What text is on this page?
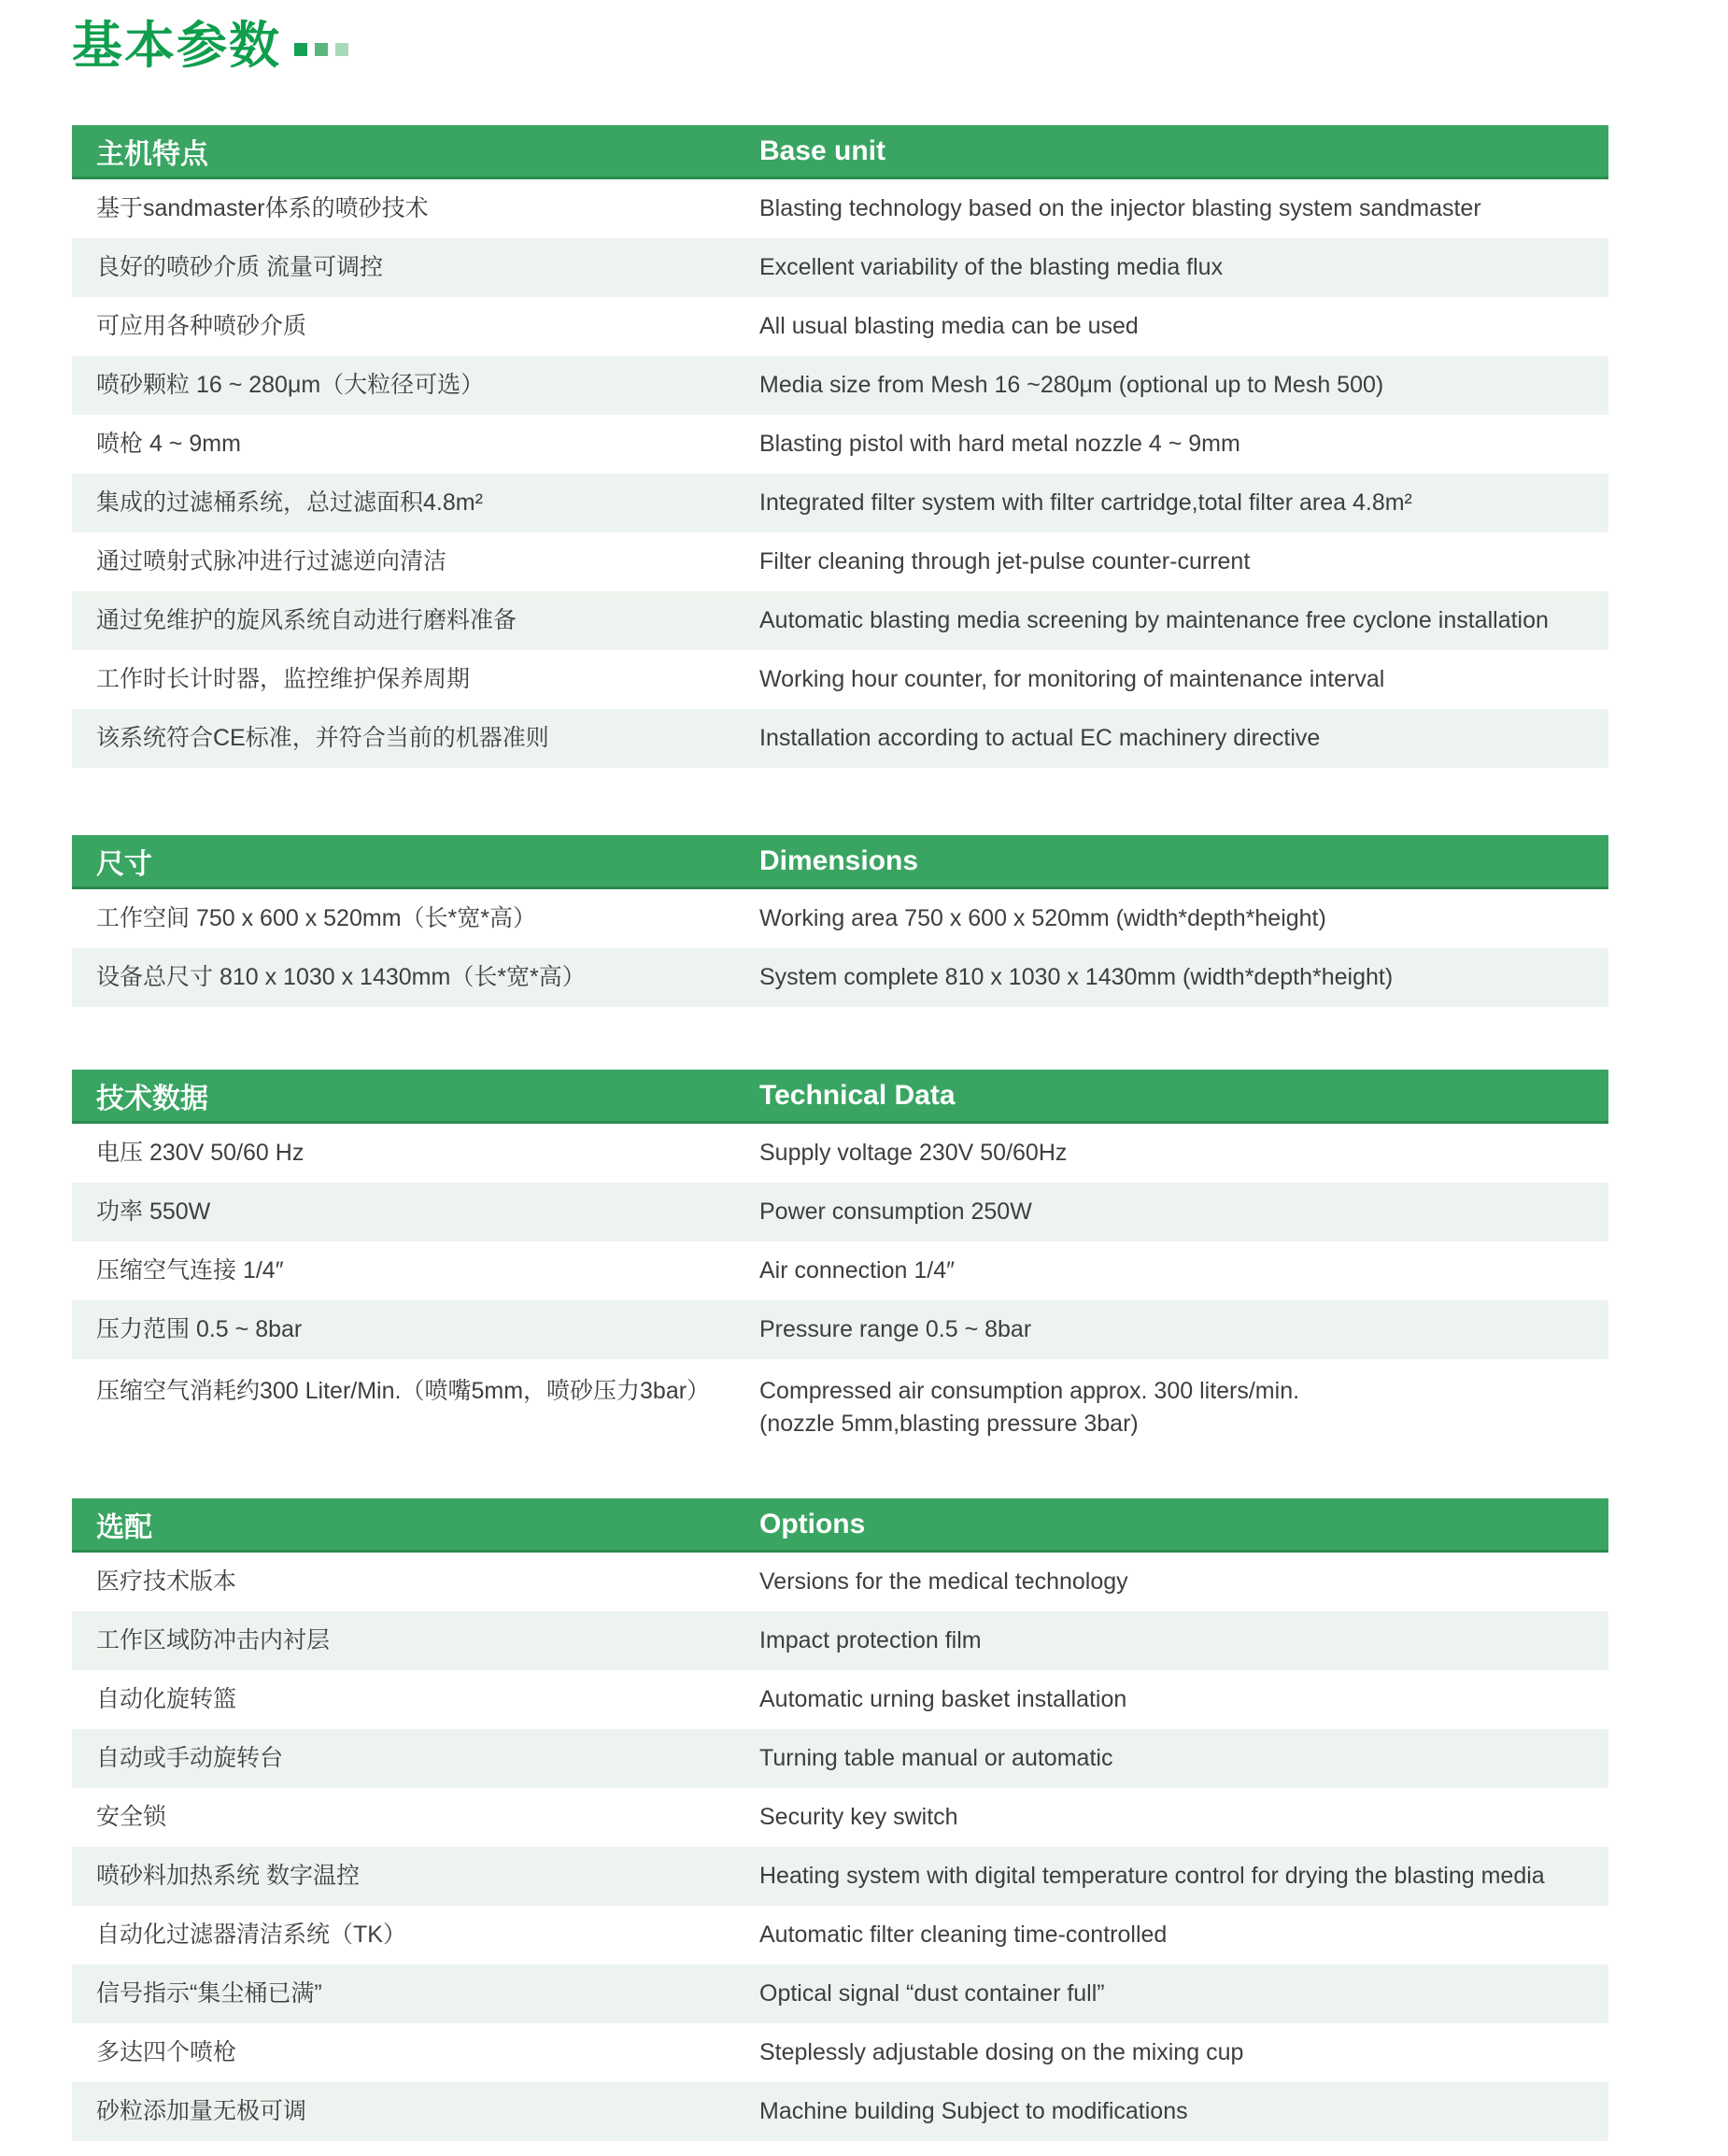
基本参数
主机特点	Base unit
基于sandmaster体系的喷砂技术	Blasting technology based on the injector blasting system sandmaster
良好的喷砂介质 流量可调控	Excellent variability of the blasting media flux
可应用各种喷砂介质	All usual blasting media can be used
喷砂颗粒 16 ~ 280μm（大粒径可选）	Media size from Mesh 16 ~280μm (optional up to Mesh 500)
喷枪 4 ~ 9mm	Blasting pistol with hard metal nozzle 4 ~ 9mm
集成的过滤桶系统，总过滤面积4.8m²	Integrated filter system with filter cartridge,total filter area 4.8m²
通过喷射式脉冲进行过滤逆向清洁	Filter cleaning through jet-pulse counter-current
通过免维护的旋风系统自动进行磨料准备	Automatic blasting media screening by maintenance free cyclone installation
工作时长计时器，监控维护保养周期	Working hour counter, for monitoring of maintenance interval
该系统符合CE标准，并符合当前的机器准则	Installation according to actual EC machinery directive
尺寸	Dimensions
工作空间 750 x 600 x 520mm（长*宽*高）	Working area 750 x 600 x 520mm (width*depth*height)
设备总尺寸 810 x 1030 x 1430mm（长*宽*高）	System complete 810 x 1030 x 1430mm (width*depth*height)
技术数据	Technical Data
电压 230V 50/60 Hz	Supply voltage 230V 50/60Hz
功率 550W	Power consumption 250W
压缩空气连接 1/4″	Air connection 1/4″
压力范围 0.5 ~ 8bar	Pressure range 0.5 ~ 8bar
压缩空气消耗约300 Liter/Min.（喷嘴5mm，喷砂压力3bar）	Compressed air consumption approx. 300 liters/min.
(nozzle 5mm,blasting pressure 3bar)
选配	Options
医疗技术版本	Versions for the medical technology
工作区域防冲击内衬层	Impact protection film
自动化旋转篮	Automatic urning basket installation
自动或手动旋转台	Turning table manual or automatic
安全锁	Security key switch
喷砂料加热系统 数字温控	Heating system with digital temperature control for drying the blasting media
自动化过滤器清洁系统（TK）	Automatic filter cleaning time-controlled
信号指示“集尘桶已满”	Optical signal “dust container full”
多达四个喷枪	Steplessly adjustable dosing on the mixing cup
砂粒添加量无极可调	Machine building Subject to modifications
